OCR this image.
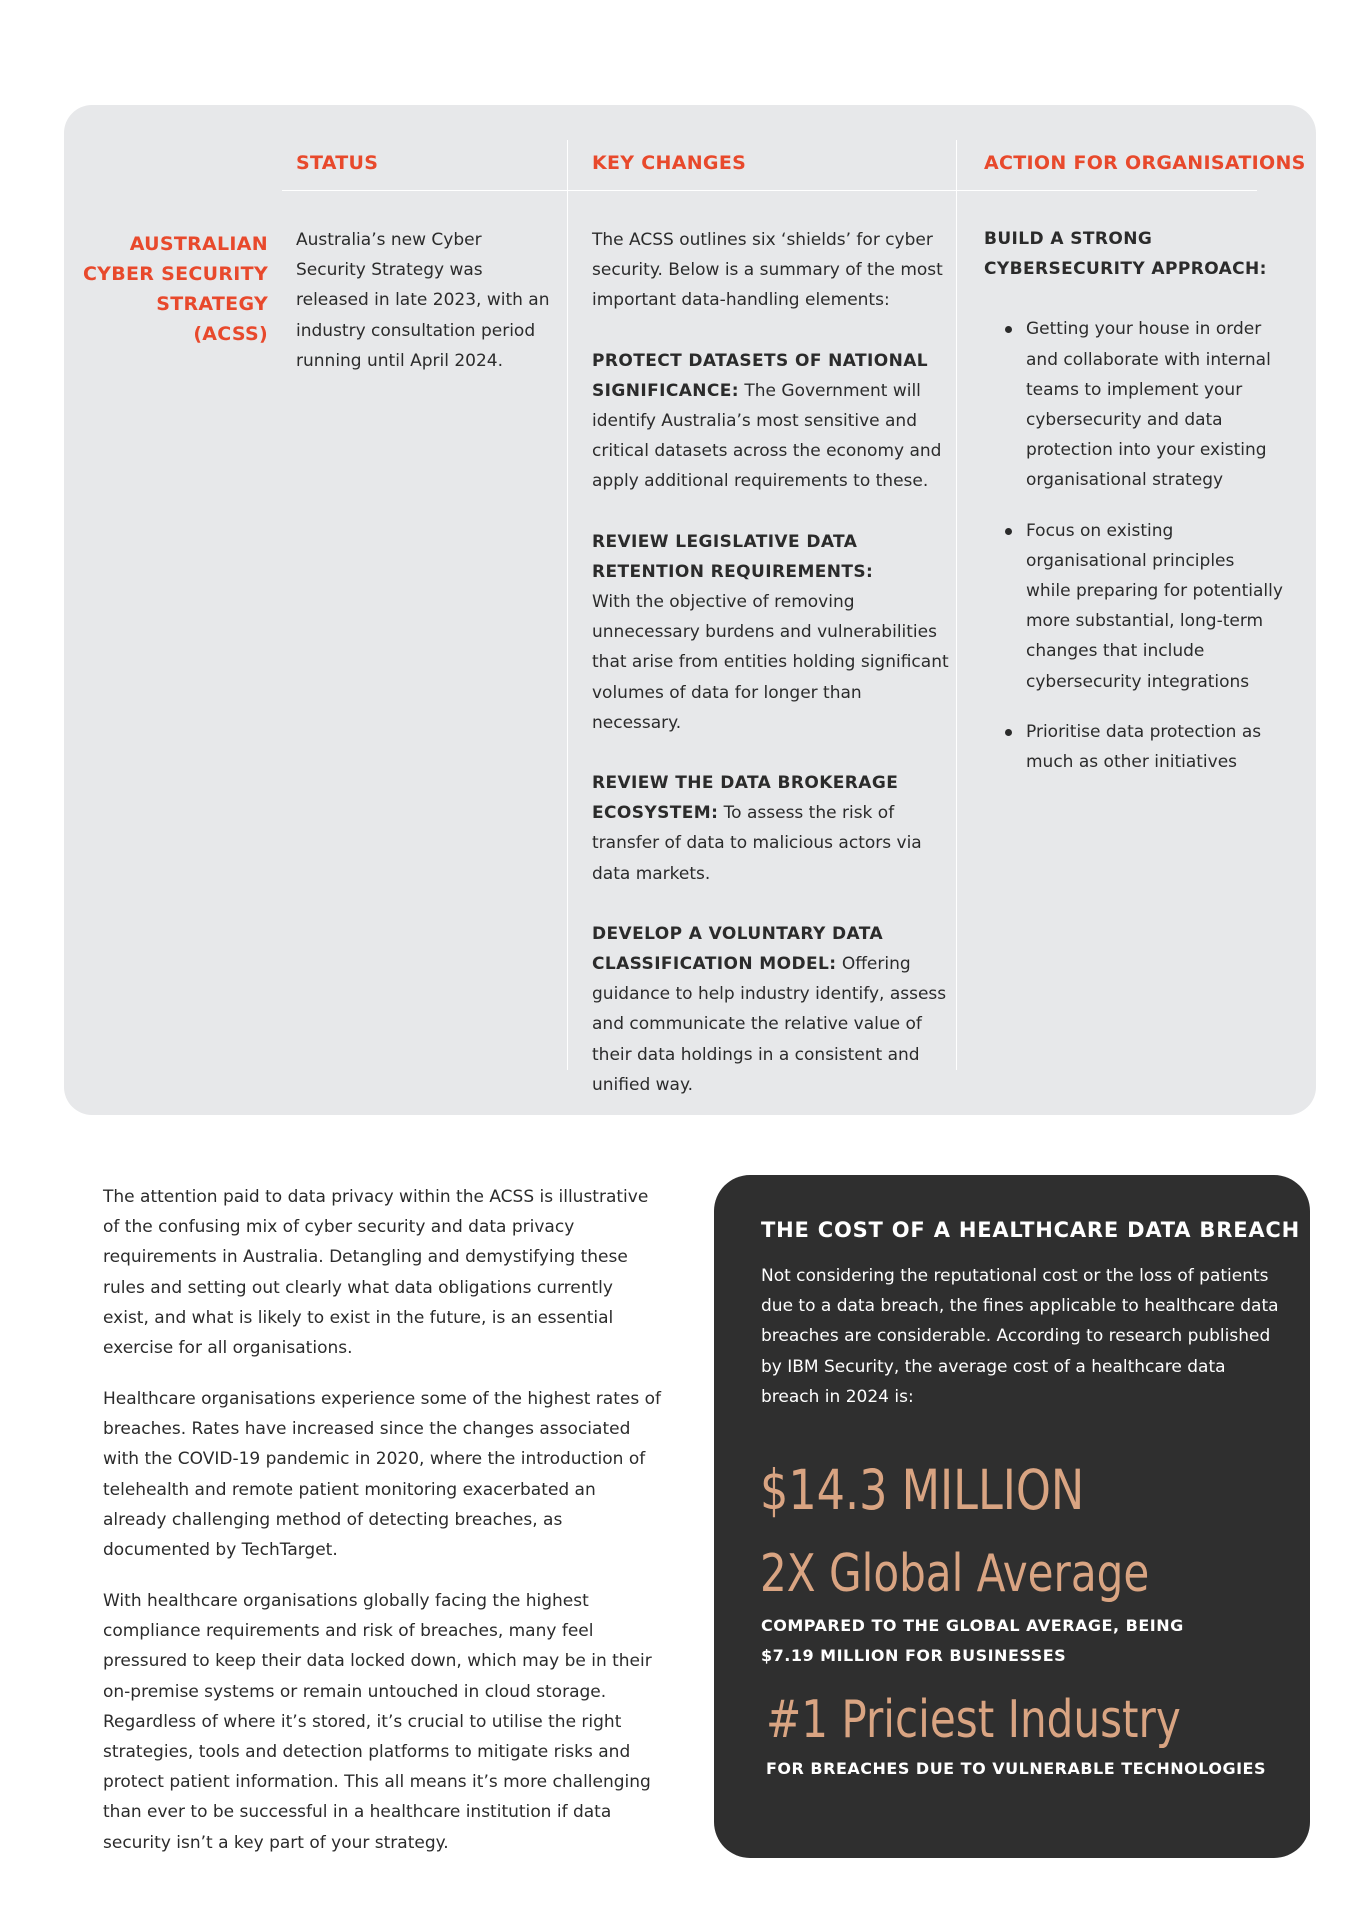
STATUS	KEY CHANGES	ACTION FOR ORGANISATIONS
AUSTRALIAN CYBER SECURITY STRATEGY (ACSS)
Australia’s new Cyber Security Strategy was released in late 2023, with an industry consultation period running until April 2024.

The ACSS outlines six ‘shields’ for cyber security. Below is a summary of the most important data-handling elements:

PROTECT DATASETS OF NATIONAL SIGNIFICANCE: The Government will identify Australia’s most sensitive and critical datasets across the economy and apply additional requirements to these.

REVIEW LEGISLATIVE DATA RETENTION REQUIREMENTS:
With the objective of removing unnecessary burdens and vulnerabilities that arise from entities holding significant volumes of data for longer than necessary.

REVIEW THE DATA BROKERAGE ECOSYSTEM: To assess the risk of transfer of data to malicious actors via data markets.

DEVELOP A VOLUNTARY DATA CLASSIFICATION MODEL: Offering guidance to help industry identify, assess and communicate the relative value of their data holdings in a consistent and unified way.

BUILD A STRONG CYBERSECURITY APPROACH:

Getting your house in order and collaborate with internal teams to implement your cybersecurity and data protection into your existing organisational strategy
Focus on existing organisational principles while preparing for potentially more substantial, long-term changes that include cybersecurity integrations
Prioritise data protection as much as other initiatives

The attention paid to data privacy within the ACSS is illustrative of the confusing mix of cyber security and data privacy requirements in Australia. Detangling and demystifying these rules and setting out clearly what data obligations currently exist, and what is likely to exist in the future, is an essential exercise for all organisations.

Healthcare organisations experience some of the highest rates of breaches. Rates have increased since the changes associated with the COVID-19 pandemic in 2020, where the introduction of telehealth and remote patient monitoring exacerbated an already challenging method of detecting breaches, as documented by TechTarget.

With healthcare organisations globally facing the highest compliance requirements and risk of breaches, many feel pressured to keep their data locked down, which may be in their on-premise systems or remain untouched in cloud storage. Regardless of where it’s stored, it’s crucial to utilise the right strategies, tools and detection platforms to mitigate risks and protect patient information. This all means it’s more challenging than ever to be successful in a healthcare institution if data security isn’t a key part of your strategy.

THE COST OF A HEALTHCARE DATA BREACH
Not considering the reputational cost or the loss of patients due to a data breach, the fines applicable to healthcare data breaches are considerable. According to research published by IBM Security, the average cost of a healthcare data breach in 2024 is:
$14.3 MILLION
2X Global Average
COMPARED TO THE GLOBAL AVERAGE, BEING $7.19 MILLION FOR BUSINESSES
#1 Priciest Industry
FOR BREACHES DUE TO VULNERABLE TECHNOLOGIES
